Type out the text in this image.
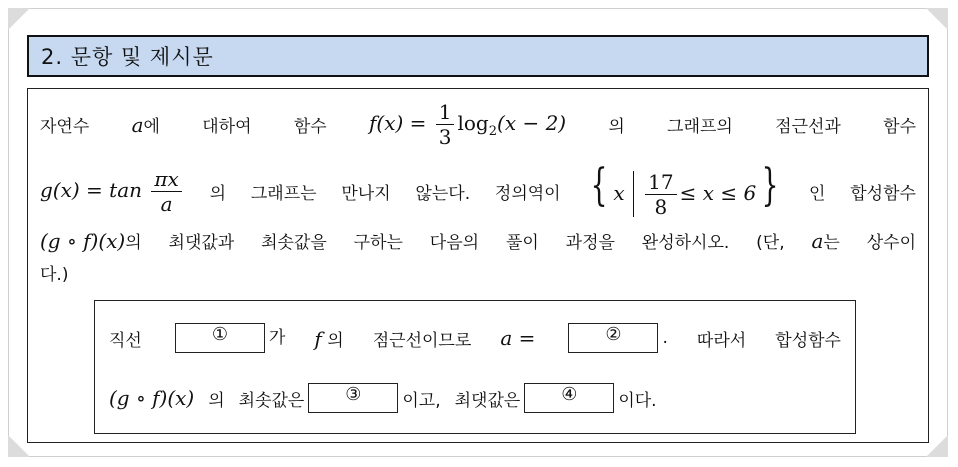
2. 문항 및 제시문
자연수 a에 대하여 함수 $f(x) = \frac{1}{3} \log_2(x - 2)$ 의 그래프의 점근선과 함수
$g(x) = \tan \frac{\pi x}{a}$ 의 그래프는 만나지 않는다. 정의역이 { x $\frac{17}{8} \le x \le 6$ }	인 합성함수
(g ∘ f)(x)의 최댓값과 최솟값을 구하는 다음의 풀이 과정을 완성하시오. (단, a는 상수이
다.)
직선	① 가 f 의 점근선이므로 a =	② . 따라서 합성함수
(g ∘ f)(x) 의 최솟값은	③	이고, 최댓값은	④	이다.
